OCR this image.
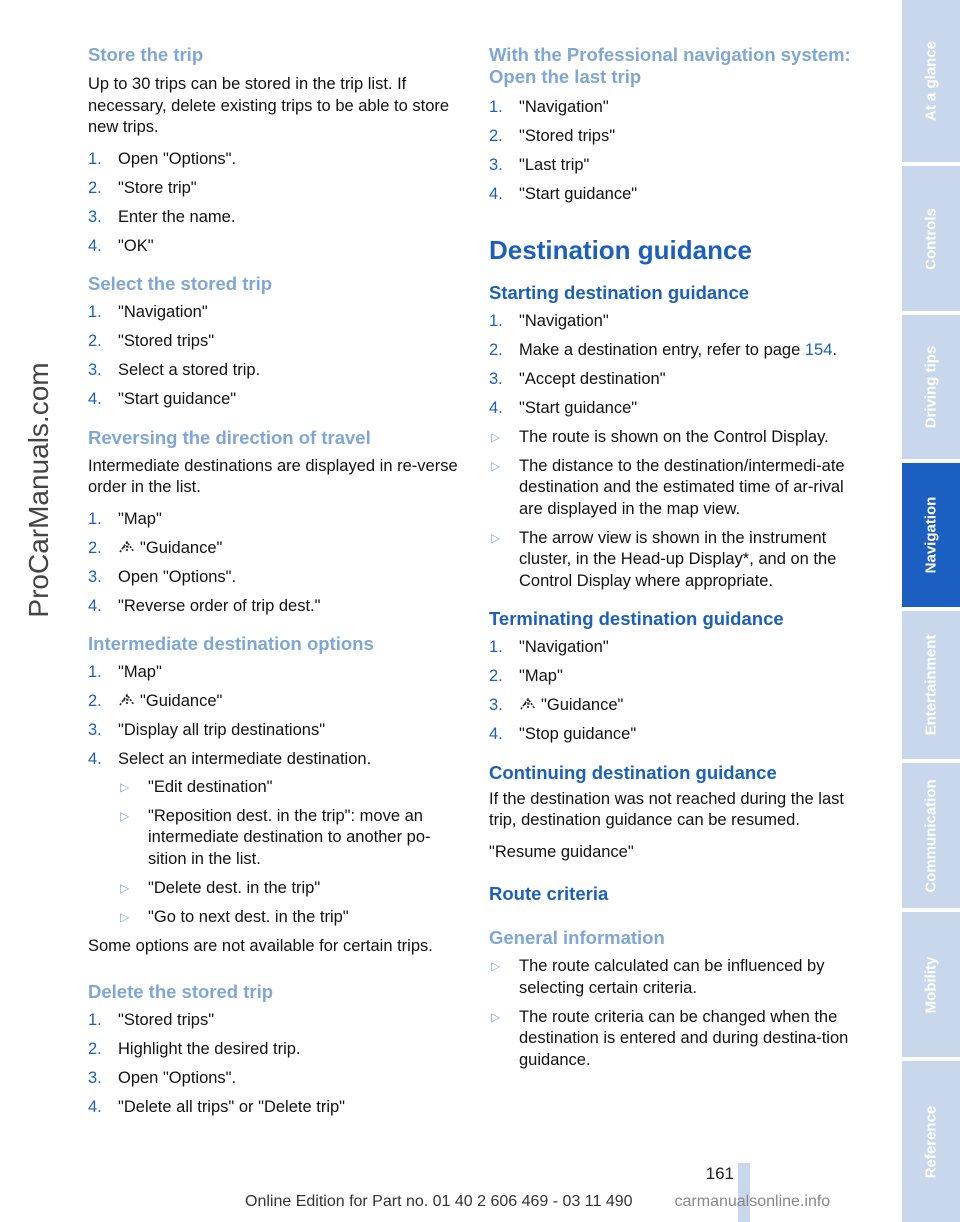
ProCarManuals.com
Store the trip

Up to 30 trips can be stored in the trip list. If necessary, delete existing trips to be able to store new trips.

1. Open "Options".
2. "Store trip"
3. Enter the name.
4. "OK"
Select the stored trip
1. "Navigation"
2. "Stored trips"
3. Select a stored trip.
4. "Start guidance"
Reversing the direction of travel

Intermediate destinations are displayed in re-verse order in the list.

1. "Map"
2. "Guidance"
3. Open "Options".
4. "Reverse order of trip dest."
Intermediate destination options
1. "Map"
2. "Guidance"
3. "Display all trip destinations"
4. Select an intermediate destination.
▷ "Edit destination"
▷ "Reposition dest. in the trip": move an intermediate destination to another po-sition in the list.
▷ "Delete dest. in the trip"
▷ "Go to next dest. in the trip"

Some options are not available for certain trips.

Delete the stored trip
1. "Stored trips"
2. Highlight the desired trip.
3. Open "Options".
4. "Delete all trips" or "Delete trip"
With the Professional navigation system: Open the last trip
1. "Navigation"
2. "Stored trips"
3. "Last trip"
4. "Start guidance"
Destination guidance
Starting destination guidance
1. "Navigation"
2. Make a destination entry, refer to page 154.
3. "Accept destination"
4. "Start guidance"
▷ The route is shown on the Control Display.
▷ The distance to the destination/intermedi-ate destination and the estimated time of ar-rival are displayed in the map view.
▷ The arrow view is shown in the instrument cluster, in the Head-up Display*, and on the Control Display where appropriate.
Terminating destination guidance
1. "Navigation"
2. "Map"
3. "Guidance"
4. "Stop guidance"
Continuing destination guidance

If the destination was not reached during the last trip, destination guidance can be resumed.

"Resume guidance"

Route criteria
General information
▷ The route calculated can be influenced by selecting certain criteria.
▷ The route criteria can be changed when the destination is entered and during destina-tion guidance.
At a glance
Controls
Driving tips
Navigation
Entertainment
Communication
Mobility
Reference
161
Online Edition for Part no. 01 40 2 606 469 - 03 11 490	carmanualsonline.info
